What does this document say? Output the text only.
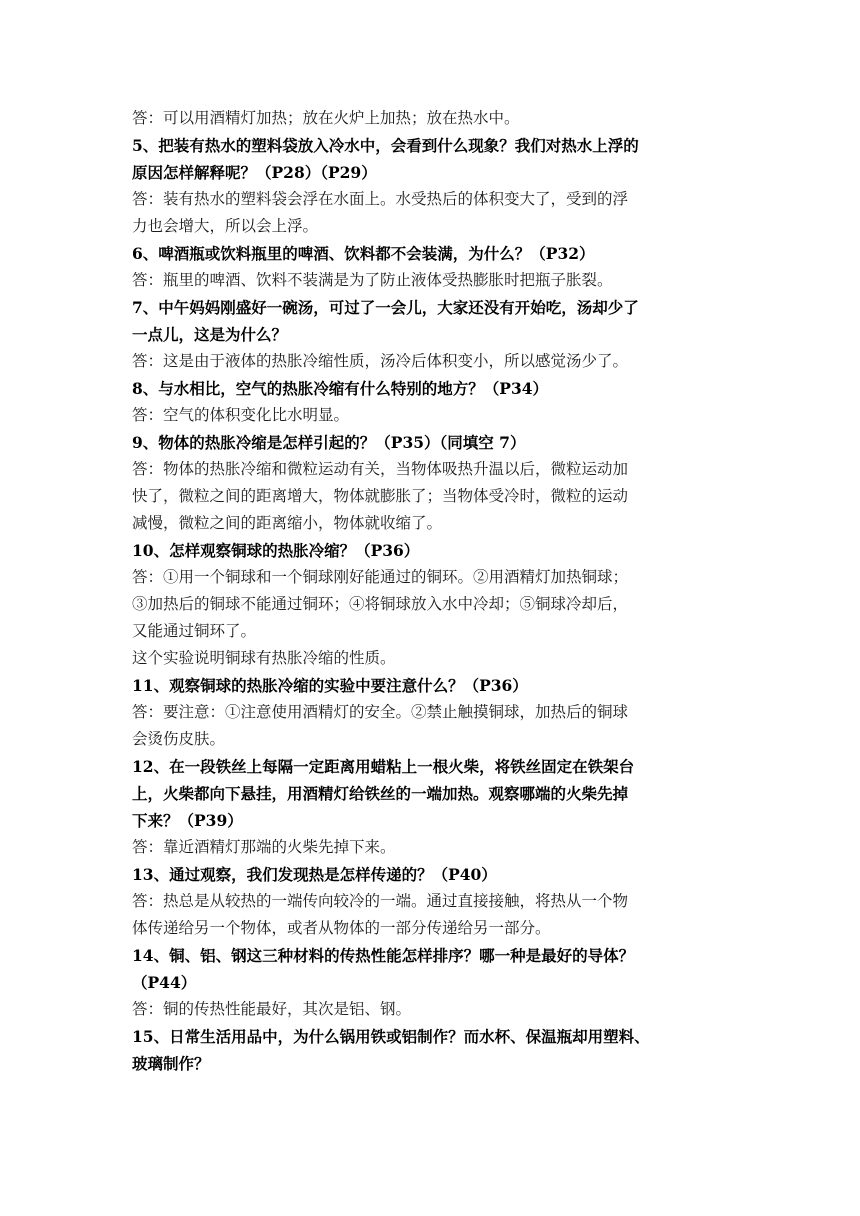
答：可以用酒精灯加热；放在火炉上加热；放在热水中。
5、把装有热水的塑料袋放入冷水中，会看到什么现象？我们对热水上浮的
原因怎样解释呢？（P28）（P29）
答：装有热水的塑料袋会浮在水面上。水受热后的体积变大了，受到的浮
力也会增大，所以会上浮。
6、啤酒瓶或饮料瓶里的啤酒、饮料都不会装满，为什么？（P32）
答：瓶里的啤酒、饮料不装满是为了防止液体受热膨胀时把瓶子胀裂。
7、中午妈妈刚盛好一碗汤，可过了一会儿，大家还没有开始吃，汤却少了
一点儿，这是为什么？
答：这是由于液体的热胀冷缩性质，汤冷后体积变小，所以感觉汤少了。
8、与水相比，空气的热胀冷缩有什么特别的地方？（P34）
答：空气的体积变化比水明显。
9、物体的热胀冷缩是怎样引起的？（P35）（同填空 7）
答：物体的热胀冷缩和微粒运动有关，当物体吸热升温以后，微粒运动加
快了，微粒之间的距离增大，物体就膨胀了；当物体受冷时，微粒的运动
减慢，微粒之间的距离缩小，物体就收缩了。
10、怎样观察铜球的热胀冷缩？（P36）
答：①用一个铜球和一个铜球刚好能通过的铜环。②用酒精灯加热铜球；
③加热后的铜球不能通过铜环；④将铜球放入水中冷却；⑤铜球冷却后，
又能通过铜环了。
这个实验说明铜球有热胀冷缩的性质。
11、观察铜球的热胀冷缩的实验中要注意什么？（P36）
答：要注意：①注意使用酒精灯的安全。②禁止触摸铜球，加热后的铜球
会烫伤皮肤。
12、在一段铁丝上每隔一定距离用蜡粘上一根火柴，将铁丝固定在铁架台
上，火柴都向下悬挂，用酒精灯给铁丝的一端加热。观察哪端的火柴先掉
下来？（P39）
答：靠近酒精灯那端的火柴先掉下来。
13、通过观察，我们发现热是怎样传递的？（P40）
答：热总是从较热的一端传向较冷的一端。通过直接接触，将热从一个物
体传递给另一个物体，或者从物体的一部分传递给另一部分。
14、铜、铝、钢这三种材料的传热性能怎样排序？哪一种是最好的导体？
（P44）
答：铜的传热性能最好，其次是铝、钢。
15、日常生活用品中，为什么锅用铁或铝制作？而水杯、保温瓶却用塑料、
玻璃制作？
